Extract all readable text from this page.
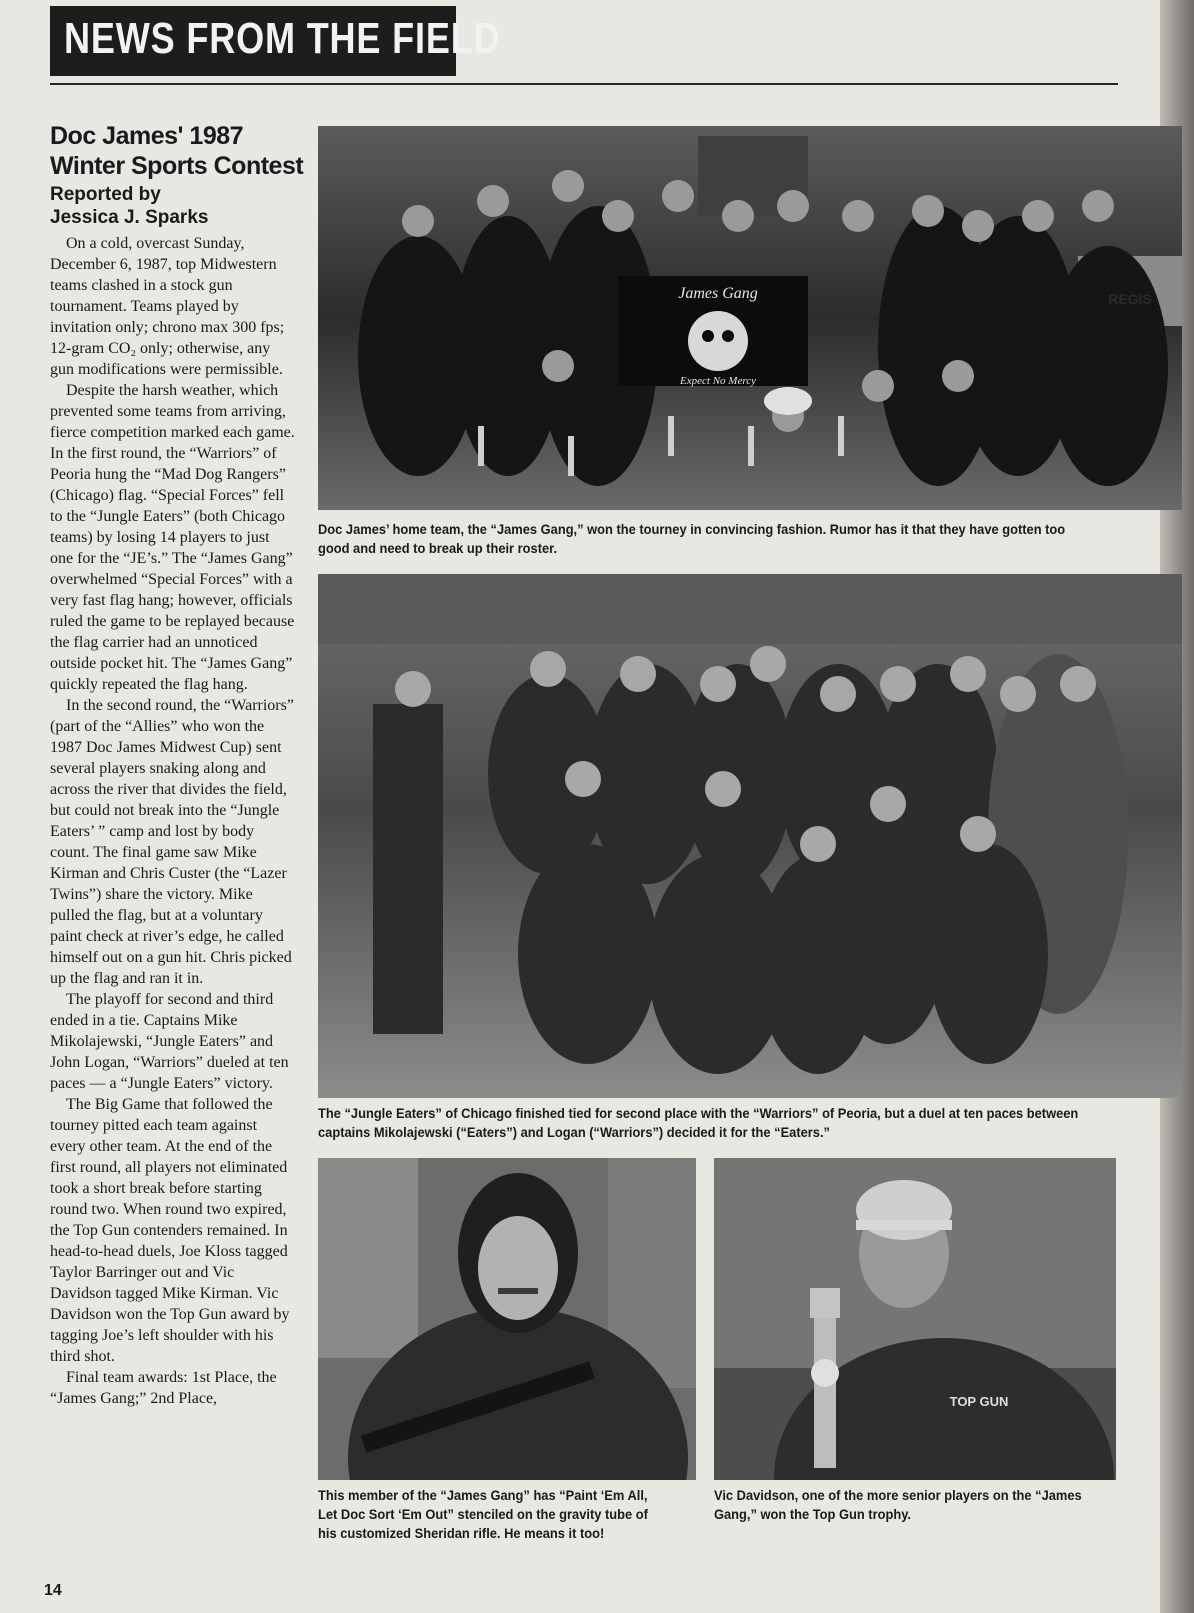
NEWS FROM THE FIELD
Doc James' 1987 Winter Sports Contest
Reported by
Jessica J. Sparks

On a cold, overcast Sunday, December 6, 1987, top Midwestern teams clashed in a stock gun tournament. Teams played by invitation only; chrono max 300 fps; 12-gram CO₂ only; otherwise, any gun modifications were permissible.

Despite the harsh weather, which prevented some teams from arriving, fierce competition marked each game. In the first round, the “Warriors” of Peoria hung the “Mad Dog Rangers” (Chicago) flag. “Special Forces” fell to the “Jungle Eaters” (both Chicago teams) by losing 14 players to just one for the “JE’s.” The “James Gang” overwhelmed “Special Forces” with a very fast flag hang; however, officials ruled the game to be replayed because the flag carrier had an unnoticed outside pocket hit. The “James Gang” quickly repeated the flag hang.

In the second round, the “Warriors” (part of the “Allies” who won the 1987 Doc James Midwest Cup) sent several players snaking along and across the river that divides the field, but could not break into the “Jungle Eaters’ ” camp and lost by body count. The final game saw Mike Kirman and Chris Custer (the “Lazer Twins”) share the victory. Mike pulled the flag, but at a voluntary paint check at river’s edge, he called himself out on a gun hit. Chris picked up the flag and ran it in.

The playoff for second and third ended in a tie. Captains Mike Mikolajewski, “Jungle Eaters” and John Logan, “Warriors” dueled at ten paces — a “Jungle Eaters” victory.

The Big Game that followed the tourney pitted each team against every other team. At the end of the first round, all players not eliminated took a short break before starting round two. When round two expired, the Top Gun contenders remained. In head-to-head duels, Joe Kloss tagged Taylor Barringer out and Vic Davidson tagged Mike Kirman. Vic Davidson won the Top Gun award by tagging Joe’s left shoulder with his third shot.

Final team awards: 1st Place, the “James Gang;” 2nd Place,

14
James Gang
Expect No Mercy
REGIS
Doc James’ home team, the “James Gang,” won the tourney in convincing fashion. Rumor has it that they have gotten too good and need to break up their roster.
The “Jungle Eaters” of Chicago finished tied for second place with the “Warriors” of Peoria, but a duel at ten paces between captains Mikolajewski (“Eaters”) and Logan (“Warriors”) decided it for the “Eaters.”
This member of the “James Gang” has “Paint ‘Em All, Let Doc Sort ‘Em Out” stenciled on the gravity tube of his customized Sheridan rifle. He means it too!
TOP GUN
Vic Davidson, one of the more senior players on the “James Gang,” won the Top Gun trophy.
